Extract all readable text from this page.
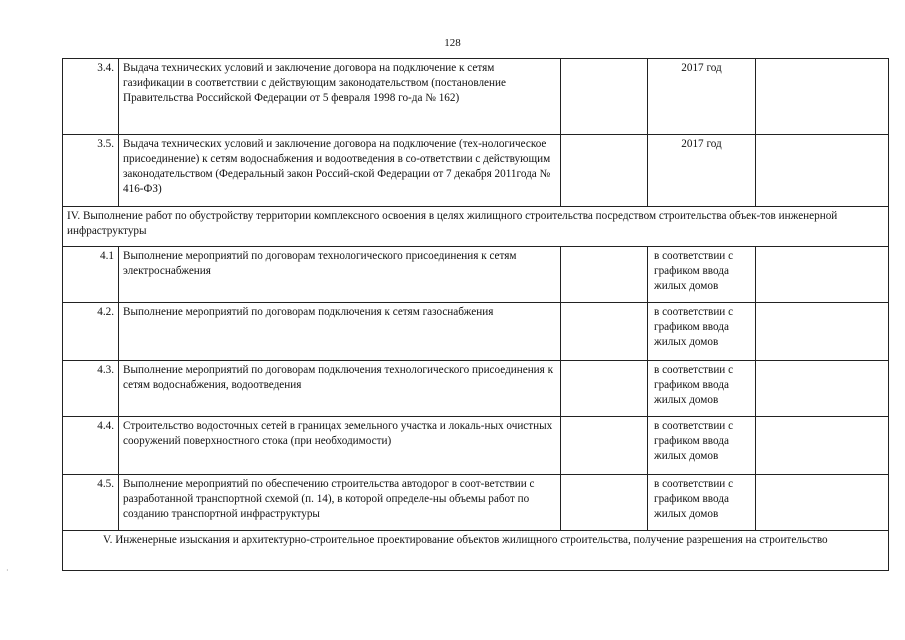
128
3.4.	Выдача технических условий и заключение договора на подключение к сетям газификации в соответствии с действующим законодательством (постановление Правительства Российской Федерации от 5 февраля 1998 го-да № 162)		2017 год	
3.5.	Выдача технических условий и заключение договора на подключение (тех-нологическое присоединение) к сетям водоснабжения и водоотведения в со-ответствии с действующим законодательством (Федеральный закон Россий-ской Федерации от 7 декабря 2011года № 416-ФЗ)		2017 год	
IV. Выполнение работ по обустройству территории комплексного освоения в целях жилищного строительства посредством строительства объек-тов инженерной инфраструктуры				
4.1	Выполнение мероприятий по договорам технологического присоединения к сетям электроснабжения		в соответствии с графиком ввода жилых домов	
4.2.	Выполнение мероприятий по договорам подключения к сетям газоснабжения		в соответствии с графиком ввода жилых домов	
4.3.	Выполнение мероприятий по договорам подключения технологического присоединения к сетям водоснабжения, водоотведения		в соответствии с графиком ввода жилых домов	
4.4.	Строительство водосточных сетей в границах земельного участка и локаль-ных очистных сооружений поверхностного стока (при необходимости)		в соответствии с графиком ввода жилых домов	
4.5.	Выполнение мероприятий по обеспечению строительства автодорог в соот-ветствии с разработанной транспортной схемой (п. 14), в которой определе-ны объемы работ по созданию транспортной инфраструктуры		в соответствии с графиком ввода жилых домов	
V. Инженерные изыскания и архитектурно-строительное проектирование объектов жилищного строительства, получение разрешения на строительство				
·
